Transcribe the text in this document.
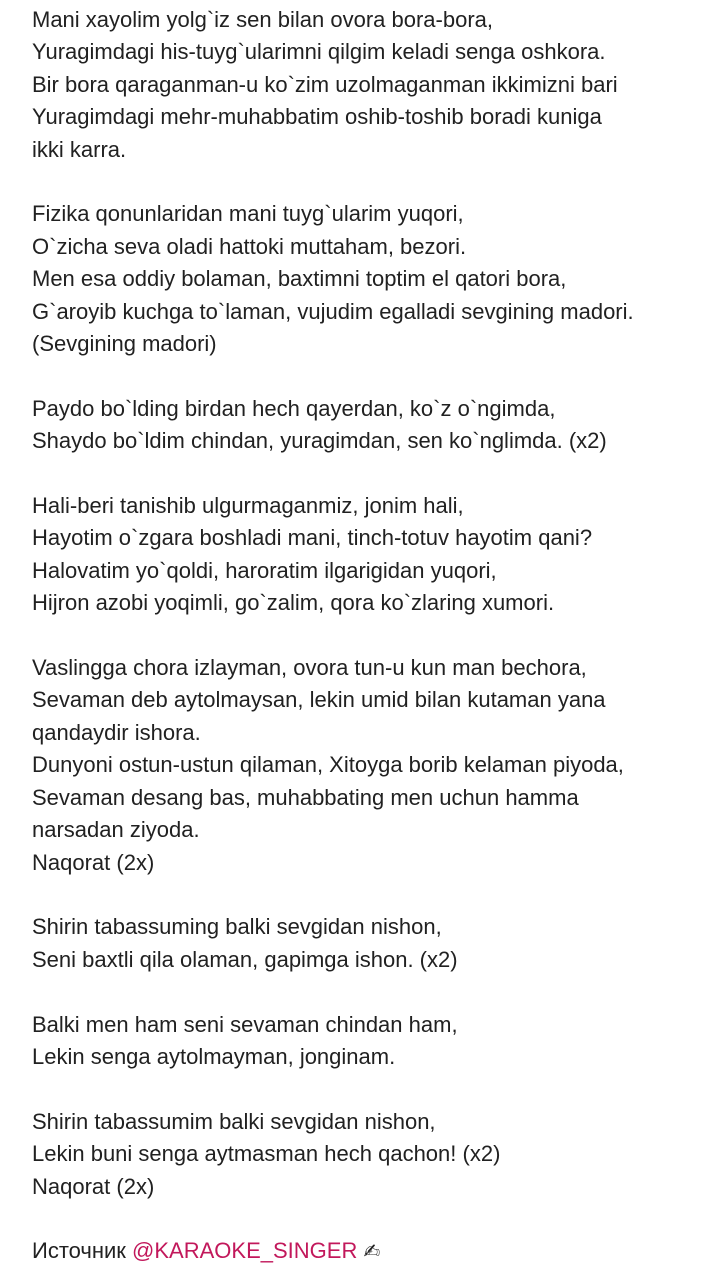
Mani xayolim yolg`iz sen bilan ovora bora-bora,
Yuragimdagi his-tuyg`ularimni qilgim keladi senga oshkora.
Bir bora qaraganman-u ko`zim uzolmaganman ikkimizni bari
Yuragimdagi mehr-muhabbatim oshib-toshib boradi kuniga
ikki karra.
Fizika qonunlaridan mani tuyg`ularim yuqori,
O`zicha seva oladi hattoki muttaham, bezori.
Men esa oddiy bolaman, baxtimni toptim el qatori bora,
G`aroyib kuchga to`laman, vujudim egalladi sevgining madori.
(Sevgining madori)
Paydo bo`lding birdan hech qayerdan, ko`z o`ngimda,
Shaydo bo`ldim chindan, yuragimdan, sen ko`nglimda. (x2)
Hali-beri tanishib ulgurmaganmiz, jonim hali,
Hayotim o`zgara boshladi mani, tinch-totuv hayotim qani?
Halovatim yo`qoldi, haroratim ilgarigidan yuqori,
Hijron azobi yoqimli, go`zalim, qora ko`zlaring xumori.
Vaslingga chora izlayman, ovora tun-u kun man bechora,
Sevaman deb aytolmaysan, lekin umid bilan kutaman yana
qandaydir ishora.
Dunyoni ostun-ustun qilaman, Xitoyga borib kelaman piyoda,
Sevaman desang bas, muhabbating men uchun hamma
narsadan ziyoda.
Naqorat (2x)
Shirin tabassuming balki sevgidan nishon,
Seni baxtli qila olaman, gapimga ishon. (x2)
Balki men ham seni sevaman chindan ham,
Lekin senga aytolmayman, jonginam.
Shirin tabassumim balki sevgidan nishon,
Lekin buni senga aytmasman hech qachon! (x2)
Naqorat (2x)
Источник @KARAOKE_SINGER ✍
